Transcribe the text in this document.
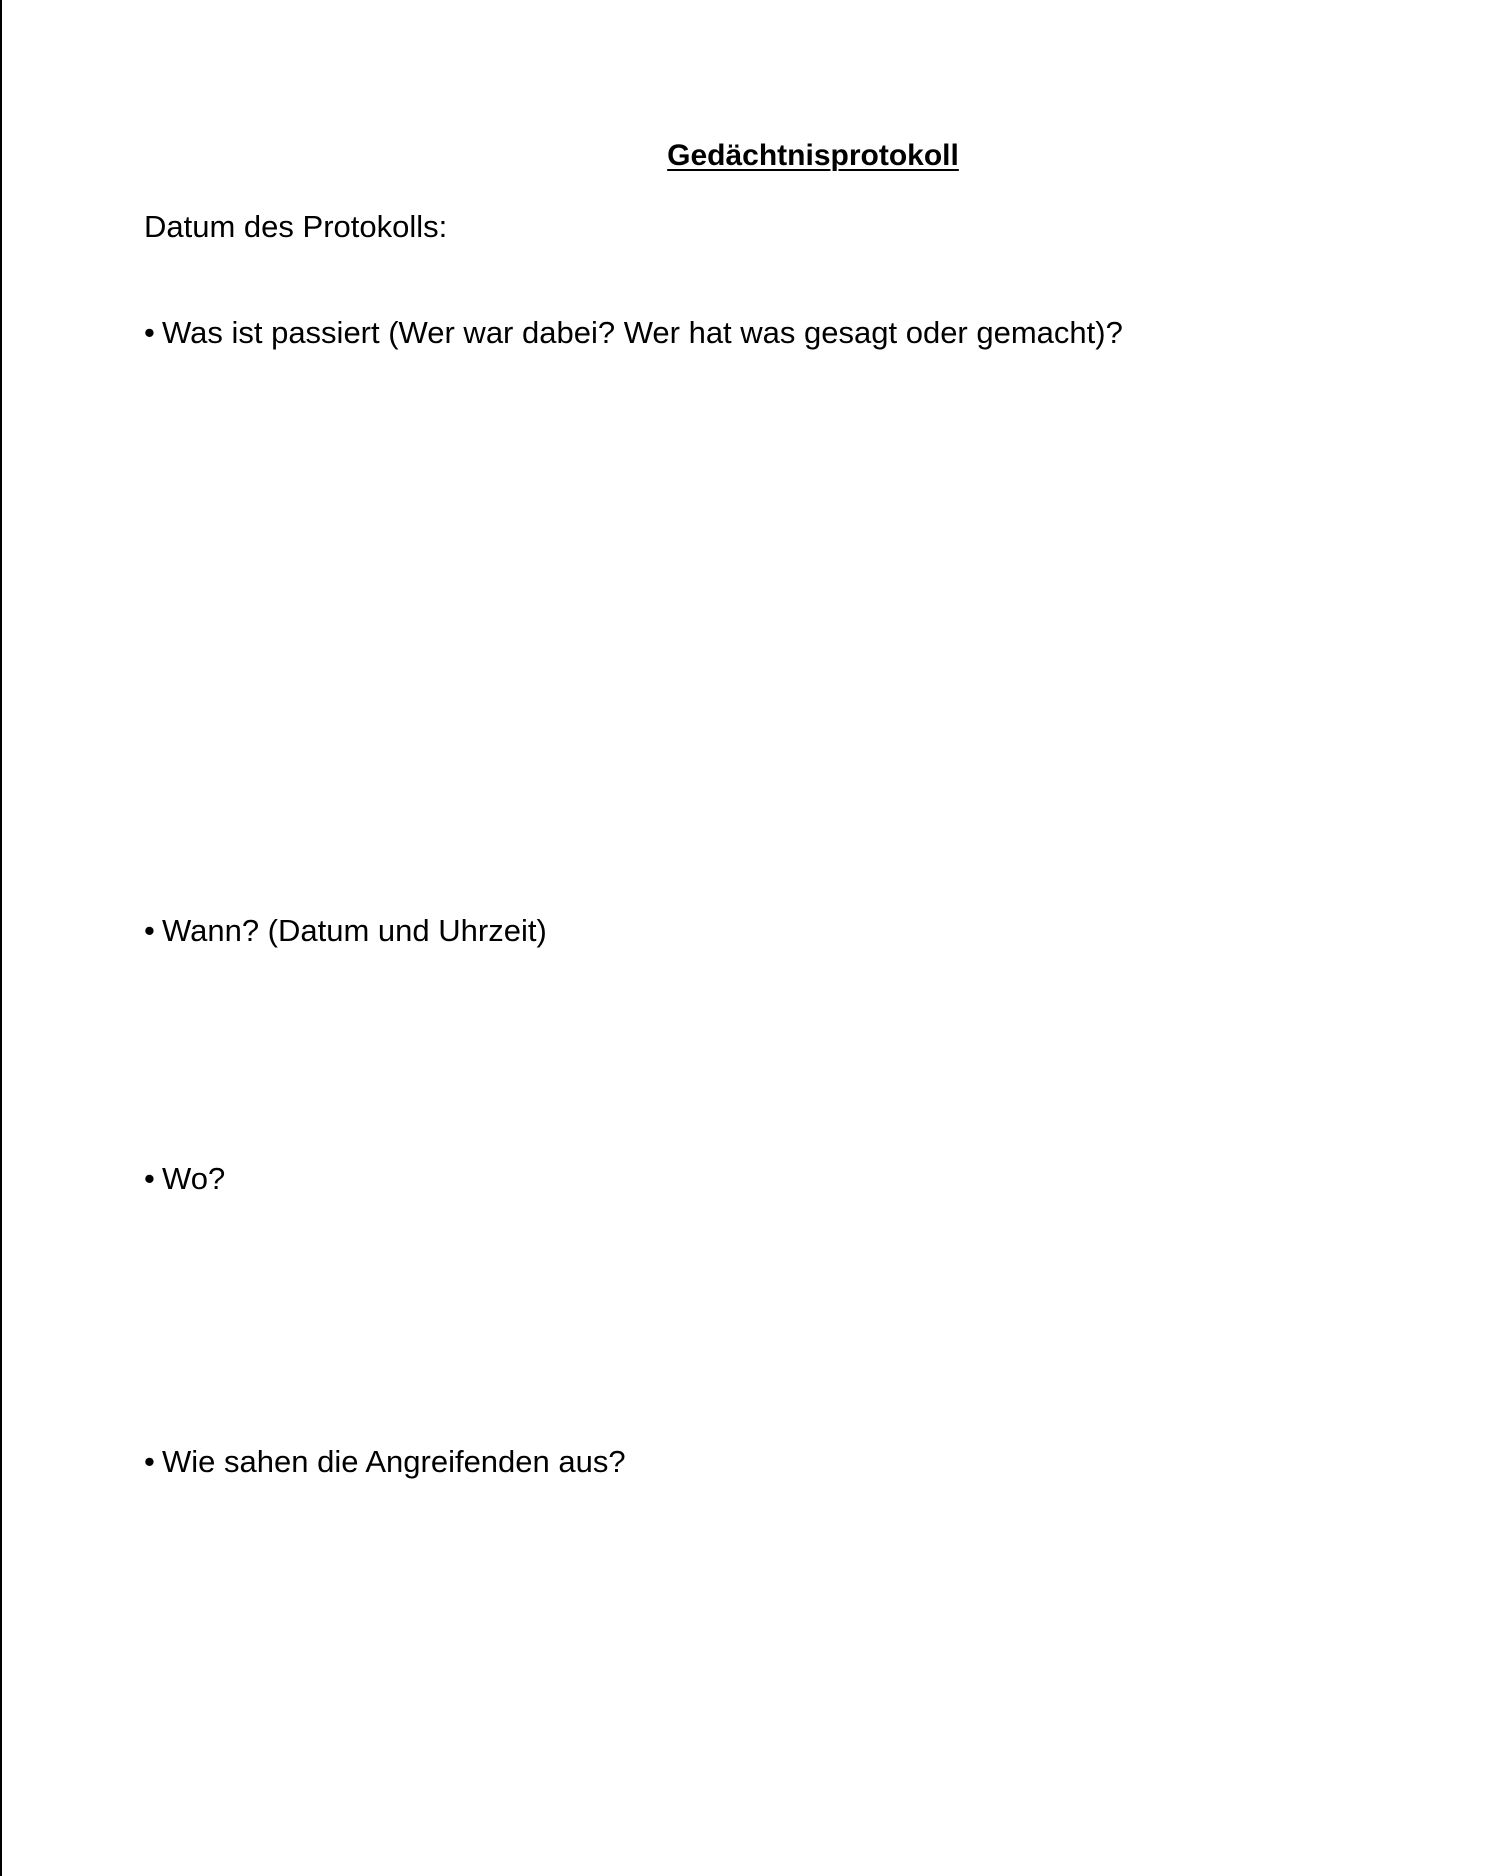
Gedächtnisprotokoll
Datum des Protokolls:
• Was ist passiert (Wer war dabei? Wer hat was gesagt oder gemacht)?
• Wann? (Datum und Uhrzeit)
• Wo?
• Wie sahen die Angreifenden aus?
